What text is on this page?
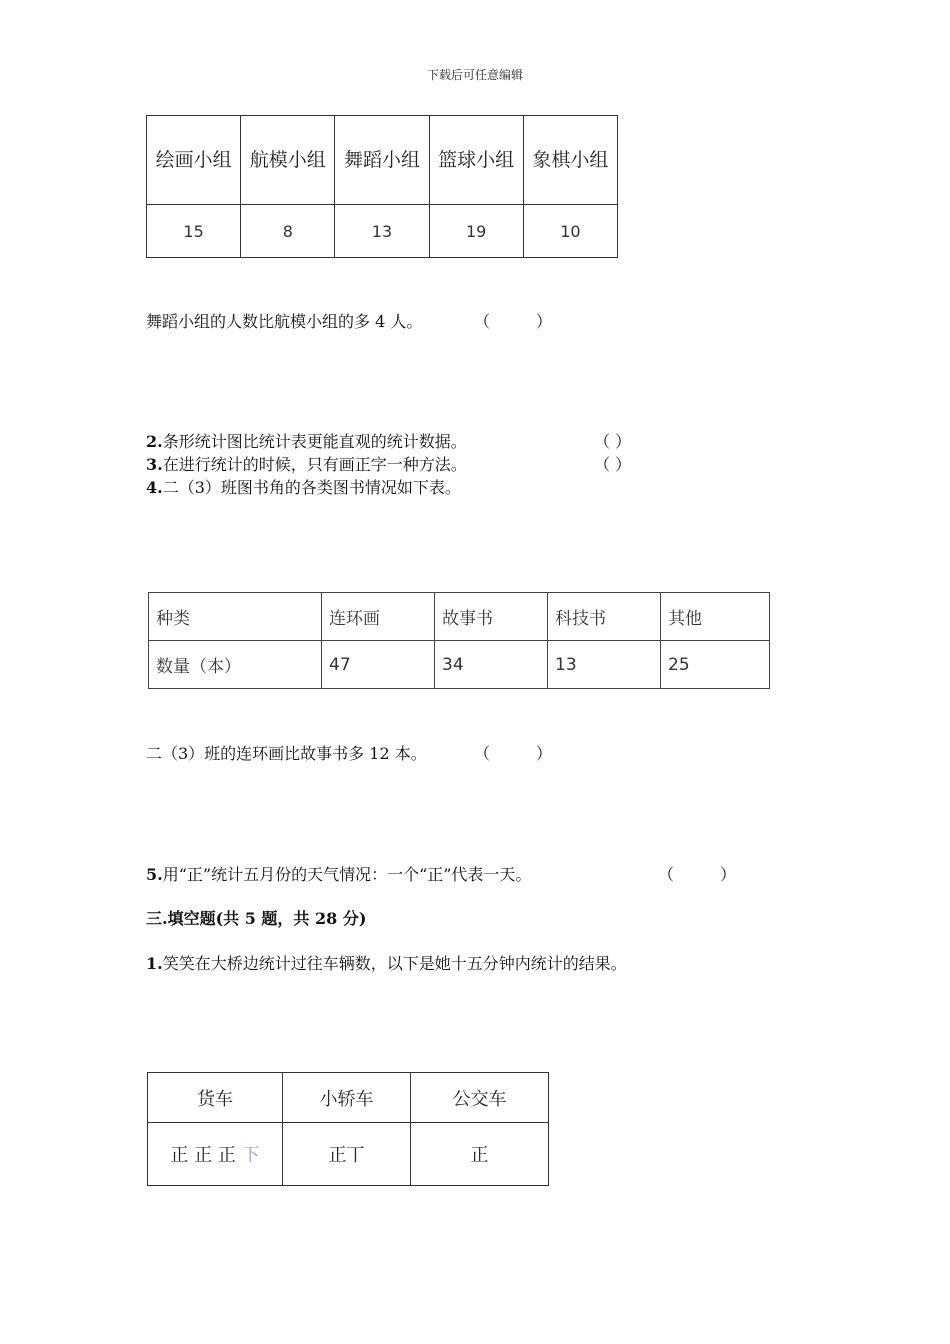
下载后可任意编辑
绘画小组	航模小组	舞蹈小组	篮球小组	象棋小组
15	8	13	19	10
舞蹈小组的人数比航模小组的多 4 人。	（	）
2.条形统计图比统计表更能直观的统计数据。	（ ）
3.在进行统计的时候，只有画正字一种方法。	（ ）
4.二（3）班图书角的各类图书情况如下表。
种类	连环画	故事书	科技书	其他
数量（本）	47	34	13	25
二（3）班的连环画比故事书多 12 本。	（	）
5.用“正”统计五月份的天气情况：一个“正”代表一天。	（	）
三.填空题(共 5 题，共 28 分)
1.笑笑在大桥边统计过往车辆数，以下是她十五分钟内统计的结果。
货车	小轿车	公交车
正 正 正 下	正丅	正
